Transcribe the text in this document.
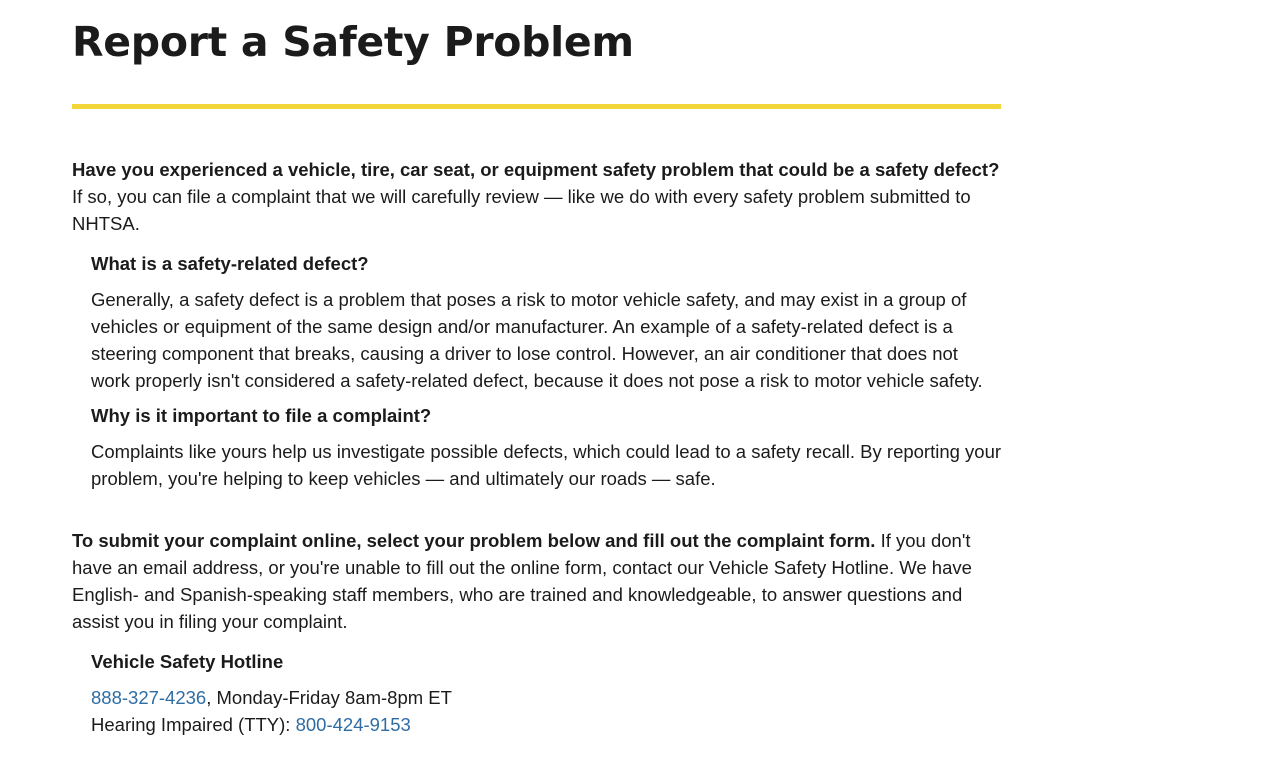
Report a Safety Problem

Have you experienced a vehicle, tire, car seat, or equipment safety problem that could be a safety defect? If so, you can file a complaint that we will carefully review — like we do with every safety problem submitted to NHTSA.

What is a safety-related defect?

Generally, a safety defect is a problem that poses a risk to motor vehicle safety, and may exist in a group of vehicles or equipment of the same design and/or manufacturer. An example of a safety-related defect is a steering component that breaks, causing a driver to lose control. However, an air conditioner that does not work properly isn't considered a safety-related defect, because it does not pose a risk to motor vehicle safety.

Why is it important to file a complaint?

Complaints like yours help us investigate possible defects, which could lead to a safety recall. By reporting your problem, you're helping to keep vehicles — and ultimately our roads — safe.

To submit your complaint online, select your problem below and fill out the complaint form. If you don't have an email address, or you're unable to fill out the online form, contact our Vehicle Safety Hotline. We have English- and Spanish-speaking staff members, who are trained and knowledgeable, to answer questions and assist you in filing your complaint.

Vehicle Safety Hotline

888-327-4236, Monday-Friday 8am-8pm ET
Hearing Impaired (TTY): 800-424-9153
